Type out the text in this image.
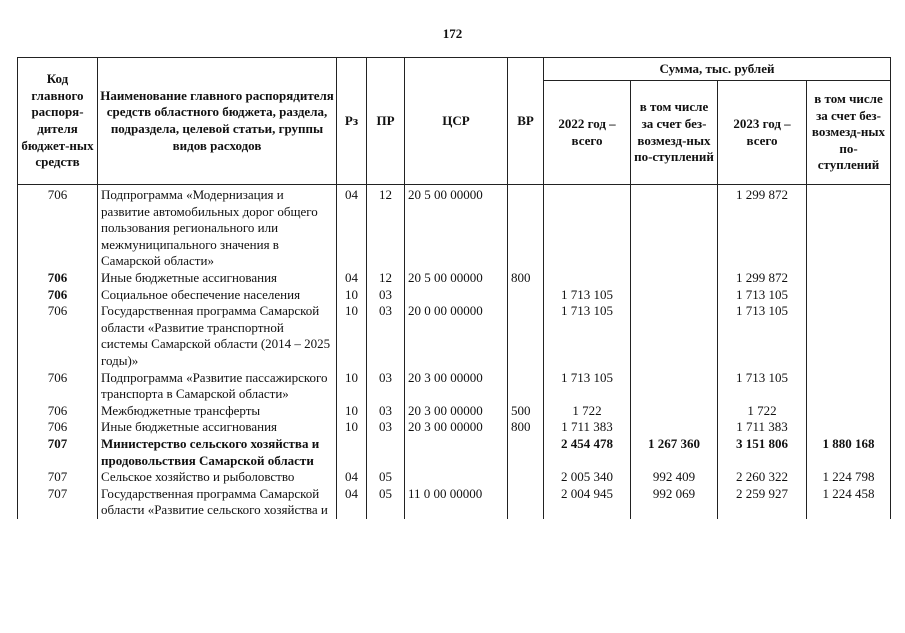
172
Код главного распоря-дителя бюджет-ных средств	Наименование главного распорядителя средств областного бюджета, раздела, подраздела, целевой статьи, группы видов расходов	Рз	ПР	ЦСР	ВР	Сумма, тыс. рублей			
						2022 год – всего	в том числе за счет без-возмезд-ных по-ступлений	2023 год – всего	в том числе за счет без-возмезд-ных по-ступлений
706	Подпрограмма «Модернизация и развитие автомобильных дорог общего пользования регионального или межмуниципального значения в Самарской области»	04	12	20 5 00 00000				1 299 872	
706	Иные бюджетные ассигнования	04	12	20 5 00 00000	800			1 299 872	
706	Социальное обеспечение населения	10	03			1 713 105		1 713 105	
706	Государственная программа Самарской области «Развитие транспортной системы Самарской области (2014 – 2025 годы)»	10	03	20 0 00 00000		1 713 105		1 713 105	
706	Подпрограмма «Развитие пассажирского транспорта в Самарской области»	10	03	20 3 00 00000		1 713 105		1 713 105	
706	Межбюджетные трансферты	10	03	20 3 00 00000	500	1 722		1 722	
706	Иные бюджетные ассигнования	10	03	20 3 00 00000	800	1 711 383		1 711 383	
707	Министерство сельского хозяйства и продовольствия Самарской области					2 454 478	1 267 360	3 151 806	1 880 168
707	Сельское хозяйство и рыболовство	04	05			2 005 340	992 409	2 260 322	1 224 798
707	Государственная программа Самарской области «Развитие сельского хозяйства и	04	05	11 0 00 00000		2 004 945	992 069	2 259 927	1 224 458
